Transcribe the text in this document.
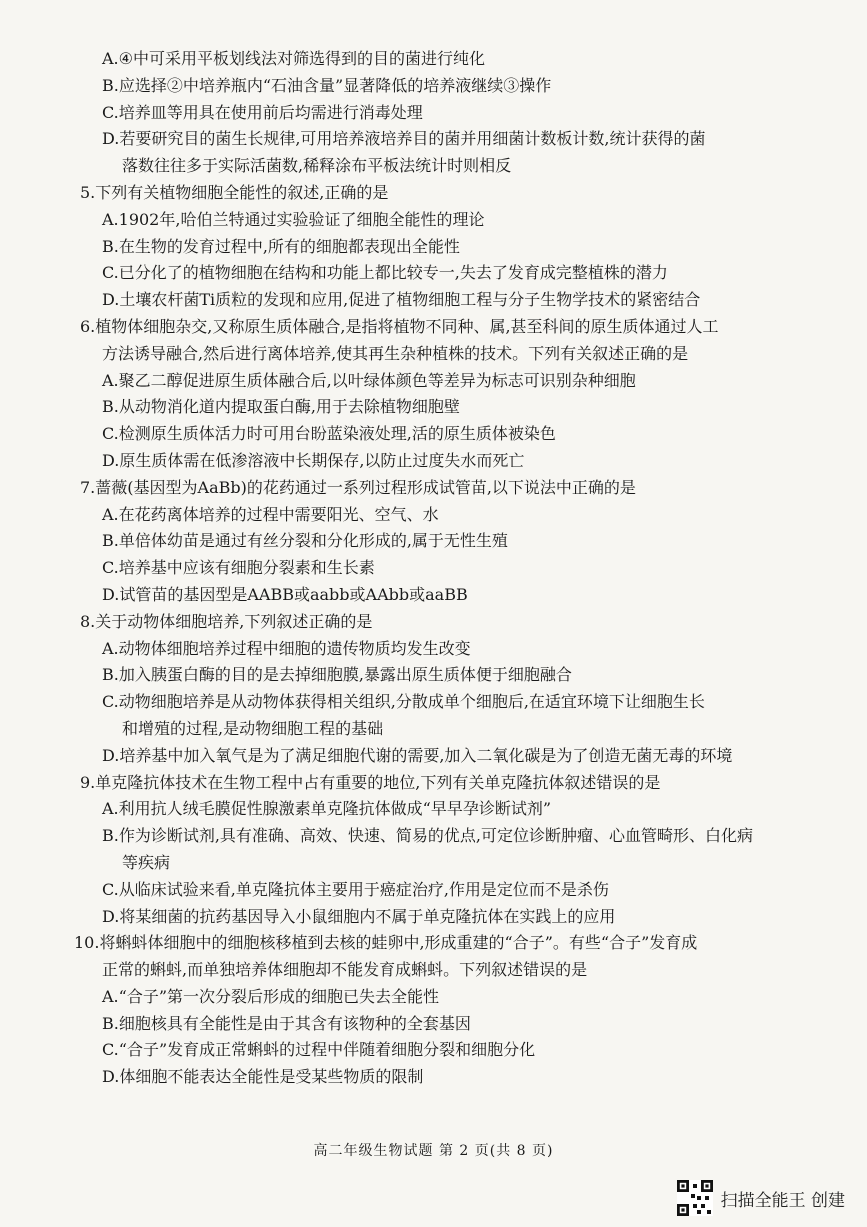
A.④中可采用平板划线法对筛选得到的目的菌进行纯化
B.应选择②中培养瓶内“石油含量”显著降低的培养液继续③操作
C.培养皿等用具在使用前后均需进行消毒处理
D.若要研究目的菌生长规律,可用培养液培养目的菌并用细菌计数板计数,统计获得的菌
落数往往多于实际活菌数,稀释涂布平板法统计时则相反
5.下列有关植物细胞全能性的叙述,正确的是
A.1902年,哈伯兰特通过实验验证了细胞全能性的理论
B.在生物的发育过程中,所有的细胞都表现出全能性
C.已分化了的植物细胞在结构和功能上都比较专一,失去了发育成完整植株的潜力
D.土壤农杆菌Ti质粒的发现和应用,促进了植物细胞工程与分子生物学技术的紧密结合
6.植物体细胞杂交,又称原生质体融合,是指将植物不同种、属,甚至科间的原生质体通过人工
方法诱导融合,然后进行离体培养,使其再生杂种植株的技术。下列有关叙述正确的是
A.聚乙二醇促进原生质体融合后,以叶绿体颜色等差异为标志可识别杂种细胞
B.从动物消化道内提取蛋白酶,用于去除植物细胞壁
C.检测原生质体活力时可用台盼蓝染液处理,活的原生质体被染色
D.原生质体需在低渗溶液中长期保存,以防止过度失水而死亡
7.蔷薇(基因型为AaBb)的花药通过一系列过程形成试管苗,以下说法中正确的是
A.在花药离体培养的过程中需要阳光、空气、水
B.单倍体幼苗是通过有丝分裂和分化形成的,属于无性生殖
C.培养基中应该有细胞分裂素和生长素
D.试管苗的基因型是AABB或aabb或AAbb或aaBB
8.关于动物体细胞培养,下列叙述正确的是
A.动物体细胞培养过程中细胞的遗传物质均发生改变
B.加入胰蛋白酶的目的是去掉细胞膜,暴露出原生质体便于细胞融合
C.动物细胞培养是从动物体获得相关组织,分散成单个细胞后,在适宜环境下让细胞生长
和增殖的过程,是动物细胞工程的基础
D.培养基中加入氧气是为了满足细胞代谢的需要,加入二氧化碳是为了创造无菌无毒的环境
9.单克隆抗体技术在生物工程中占有重要的地位,下列有关单克隆抗体叙述错误的是
A.利用抗人绒毛膜促性腺激素单克隆抗体做成“早早孕诊断试剂”
B.作为诊断试剂,具有准确、高效、快速、简易的优点,可定位诊断肿瘤、心血管畸形、白化病
等疾病
C.从临床试验来看,单克隆抗体主要用于癌症治疗,作用是定位而不是杀伤
D.将某细菌的抗药基因导入小鼠细胞内不属于单克隆抗体在实践上的应用
10.将蝌蚪体细胞中的细胞核移植到去核的蛙卵中,形成重建的“合子”。有些“合子”发育成
正常的蝌蚪,而单独培养体细胞却不能发育成蝌蚪。下列叙述错误的是
A.“合子”第一次分裂后形成的细胞已失去全能性
B.细胞核具有全能性是由于其含有该物种的全套基因
C.“合子”发育成正常蝌蚪的过程中伴随着细胞分裂和细胞分化
D.体细胞不能表达全能性是受某些物质的限制
高二年级生物试题 第 2 页(共 8 页)
扫描全能王 创建
